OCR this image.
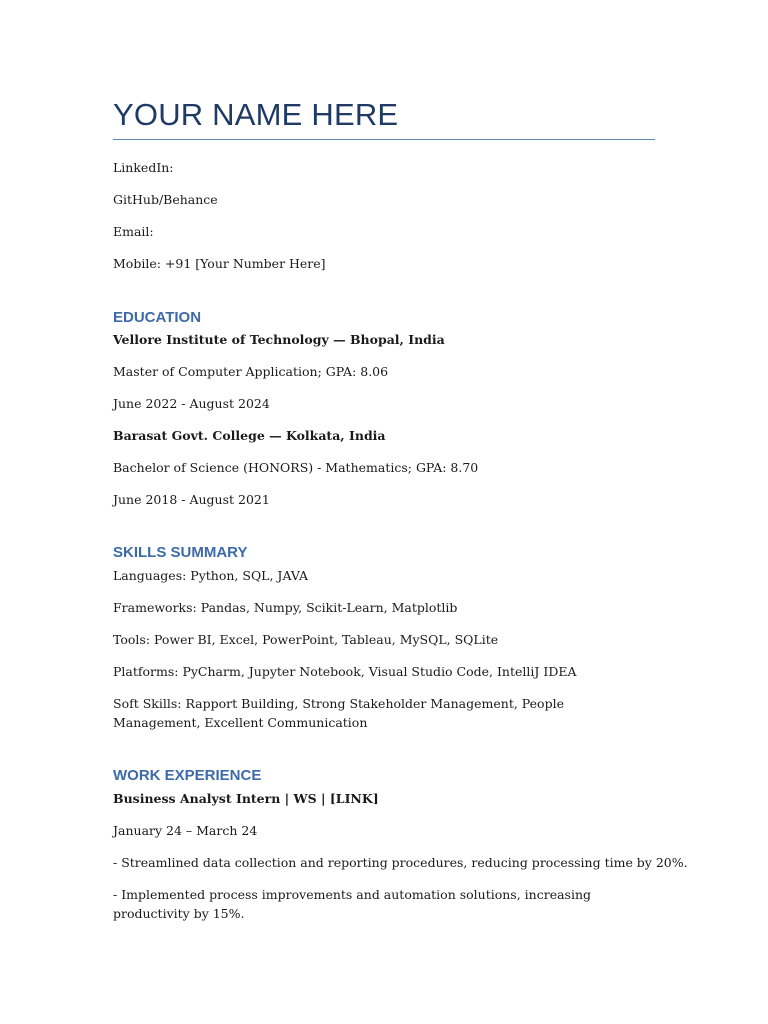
YOUR NAME HERE
LinkedIn:
GitHub/Behance
Email:
Mobile: +91 [Your Number Here]
EDUCATION
Vellore Institute of Technology — Bhopal, India
Master of Computer Application; GPA: 8.06
June 2022 - August 2024
Barasat Govt. College — Kolkata, India
Bachelor of Science (HONORS) - Mathematics; GPA: 8.70
June 2018 - August 2021
SKILLS SUMMARY
Languages: Python, SQL, JAVA
Frameworks: Pandas, Numpy, Scikit-Learn, Matplotlib
Tools: Power BI, Excel, PowerPoint, Tableau, MySQL, SQLite
Platforms: PyCharm, Jupyter Notebook, Visual Studio Code, IntelliJ IDEA
Soft Skills: Rapport Building, Strong Stakeholder Management, People Management, Excellent Communication
WORK EXPERIENCE
Business Analyst Intern | WS | [LINK]
January 24 – March 24
- Streamlined data collection and reporting procedures, reducing processing time by 20%.
- Implemented process improvements and automation solutions, increasing productivity by 15%.
